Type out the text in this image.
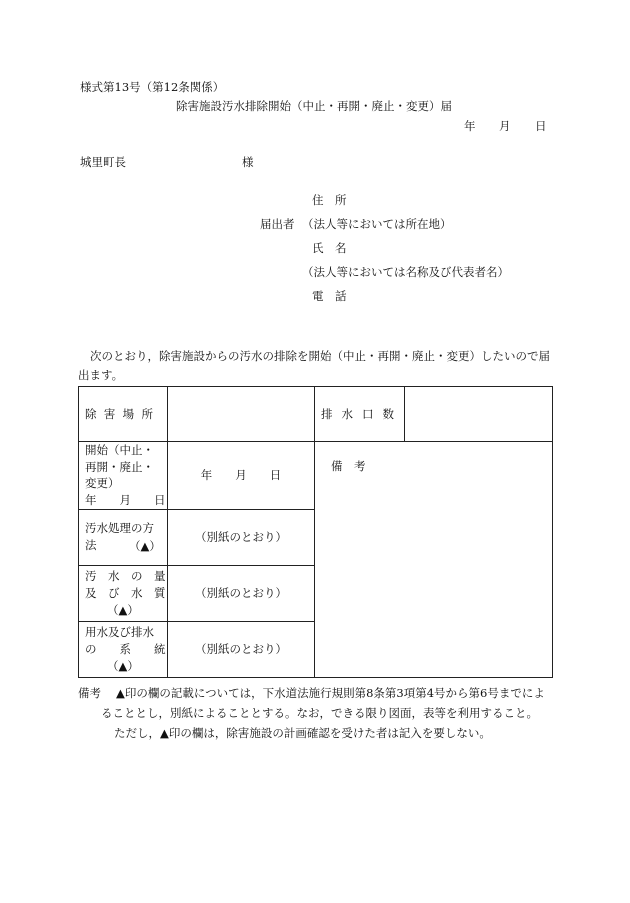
様式第13号（第12条関係）
除害施設汚水排除開始（中止・再開・廃止・変更）届
年 月 日
城里町長	様
住　所
届出者 （法人等においては所在地）
氏　名
（法人等においては名称及び代表者名）
電　話
次のとおり，除害施設からの汚水の排除を開始（中止・再開・廃止・変更）したいので届
出ます。
除 害 場 所		排 水 口 数	

開始（中止・再開・廃止・変更）
年　　月　　日	年　　月　　日	備　考	

汚水処理の方法 （▲）	（別紙のとおり）		

汚　水　の　量
及　び　水　質
（▲）	（別紙のとおり）		

用水及び排水
の　　系　　統
（▲）	（別紙のとおり）		
備考 ▲印の欄の記載については，下水道法施行規則第8条第3項第4号から第6号までによ
ることとし，別紙によることとする。なお，できる限り図面，表等を利用すること。
ただし，▲印の欄は，除害施設の計画確認を受けた者は記入を要しない。
